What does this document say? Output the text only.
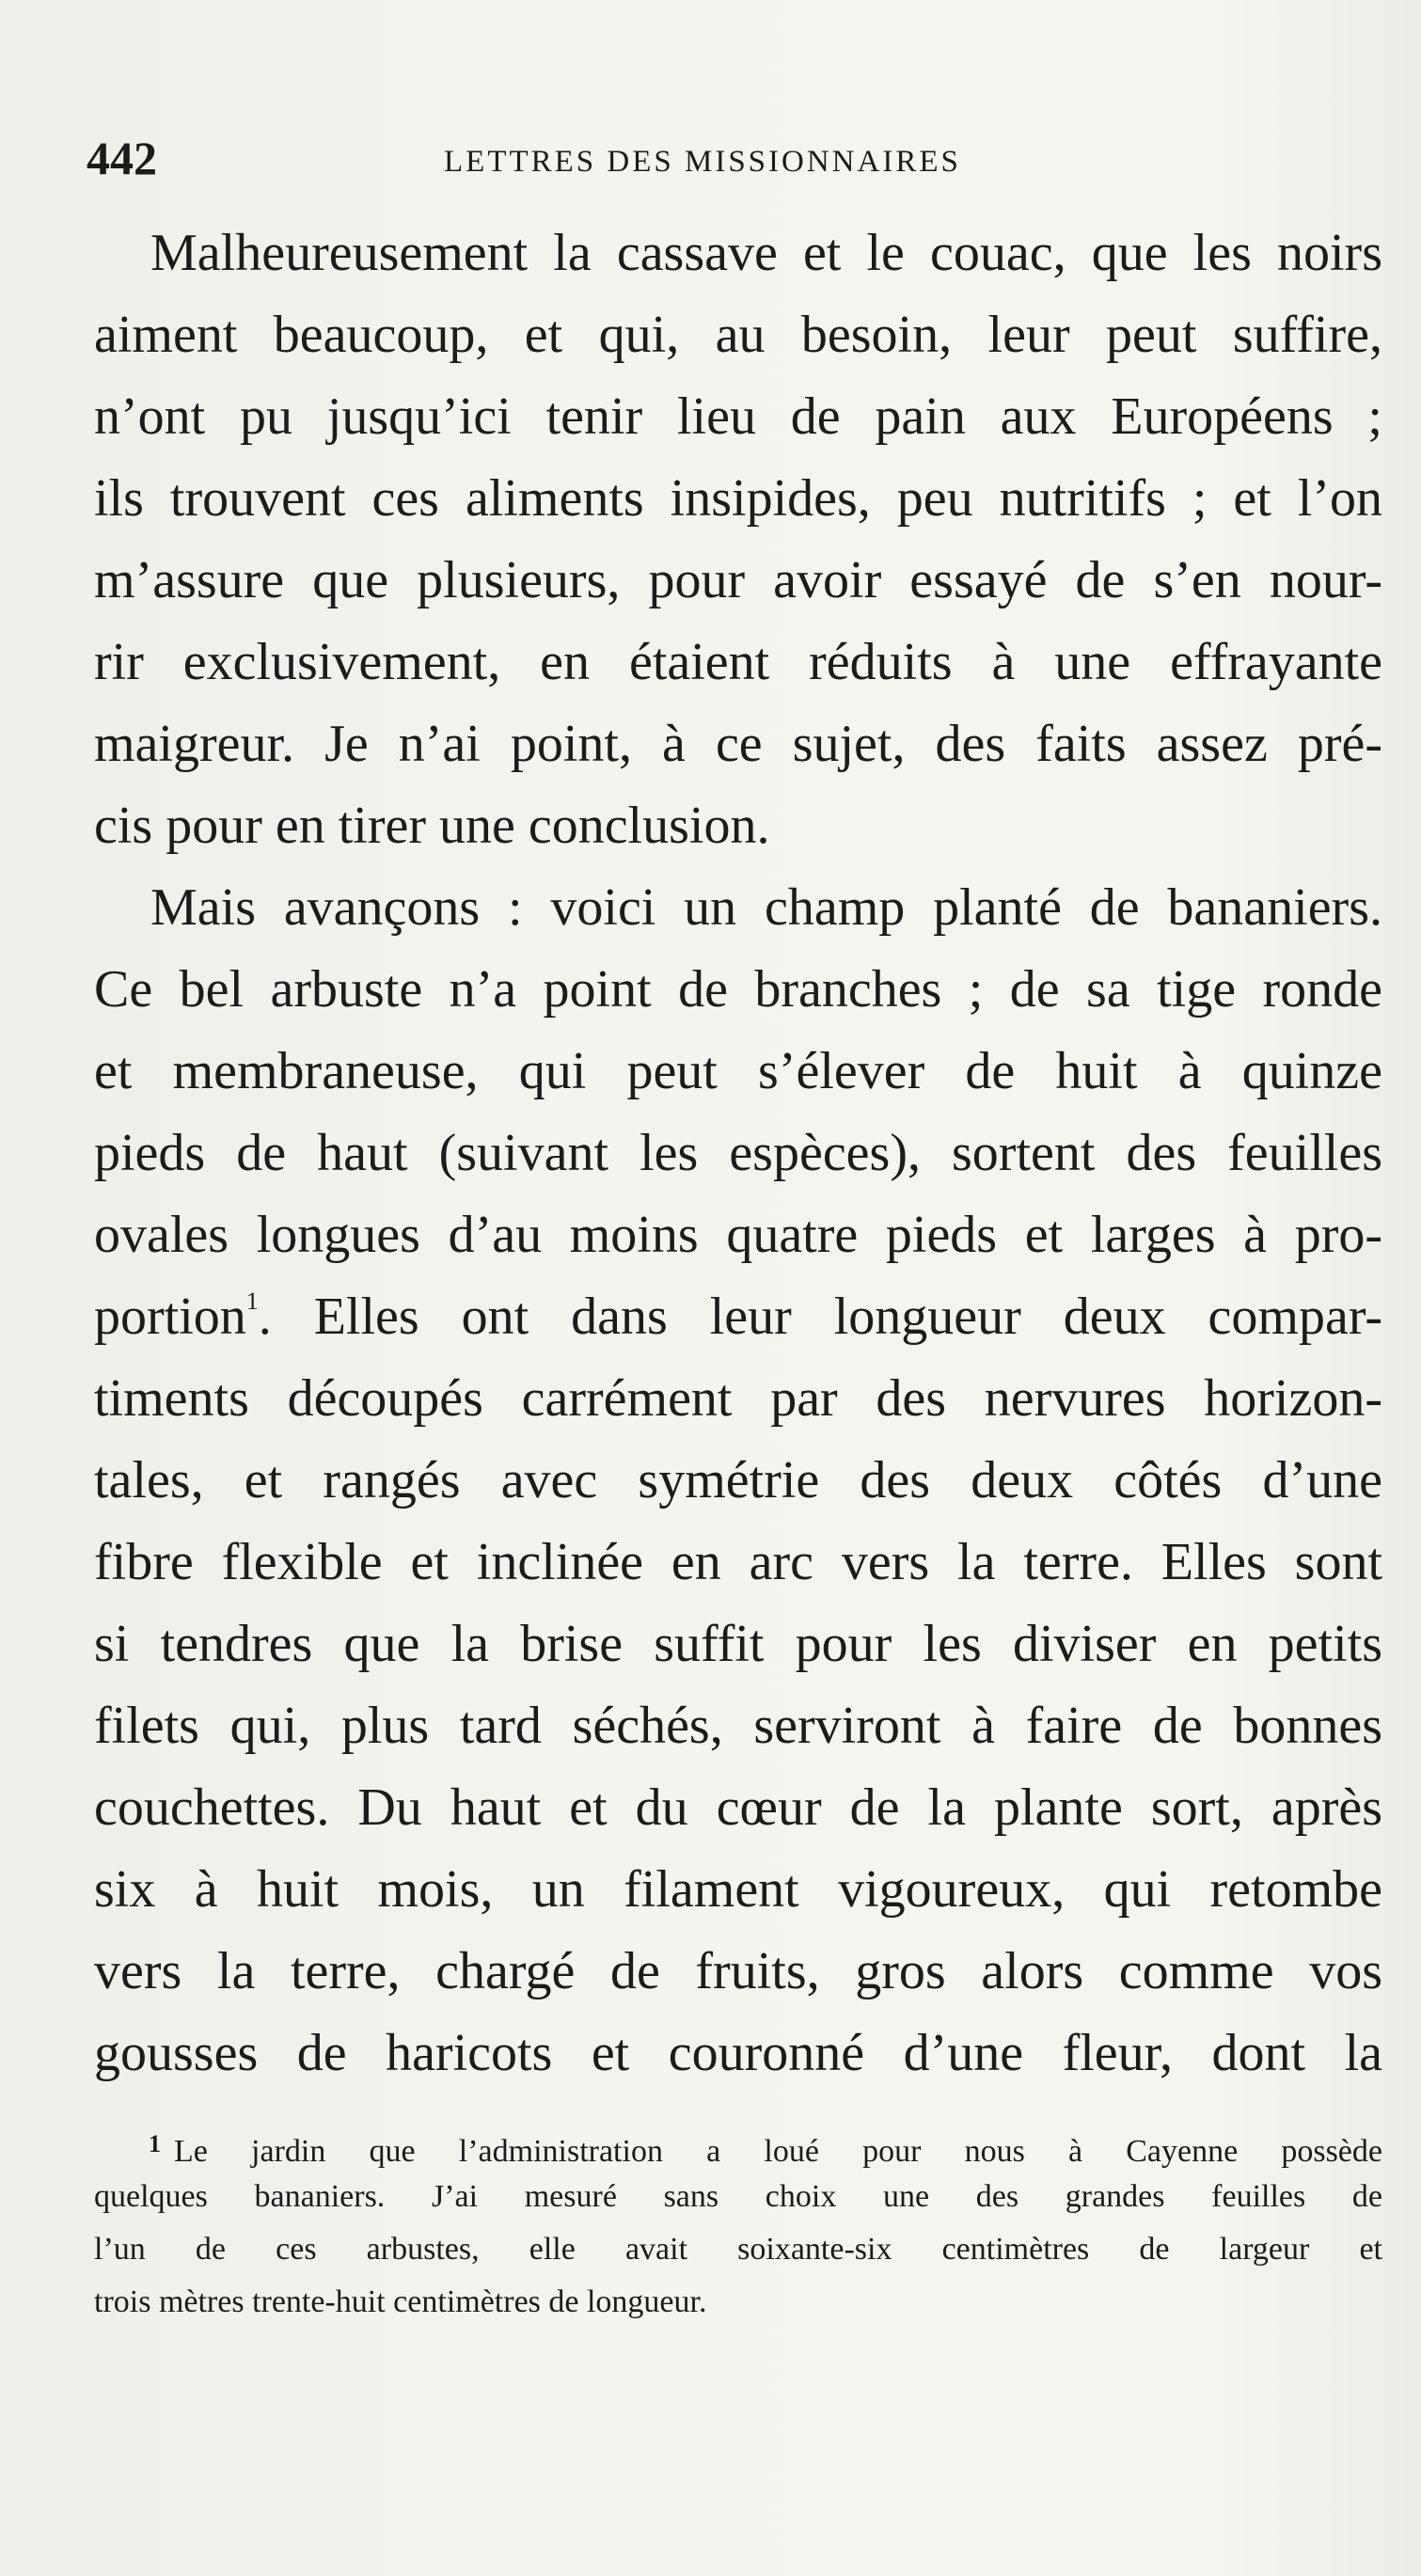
442	LETTRES DES MISSIONNAIRES
Malheureusement la cassave et le couac, que les noirs
aiment beaucoup, et qui, au besoin, leur peut suffire,
n’ont pu jusqu’ici tenir lieu de pain aux Européens ;
ils trouvent ces aliments insipides, peu nutritifs ; et l’on
m’assure que plusieurs, pour avoir essayé de s’en nour-
rir exclusivement, en étaient réduits à une effrayante
maigreur. Je n’ai point, à ce sujet, des faits assez pré-
cis pour en tirer une conclusion.
Mais avançons : voici un champ planté de bananiers.
Ce bel arbuste n’a point de branches ; de sa tige ronde
et membraneuse, qui peut s’élever de huit à quinze
pieds de haut (suivant les espèces), sortent des feuilles
ovales longues d’au moins quatre pieds et larges à pro-
portion$^1$. Elles ont dans leur longueur deux compar-
timents découpés carrément par des nervures horizon-
tales, et rangés avec symétrie des deux côtés d’une
fibre flexible et inclinée en arc vers la terre. Elles sont
si tendres que la brise suffit pour les diviser en petits
filets qui, plus tard séchés, serviront à faire de bonnes
couchettes. Du haut et du cœur de la plante sort, après
six à huit mois, un filament vigoureux, qui retombe
vers la terre, chargé de fruits, gros alors comme vos
gousses de haricots et couronné d’une fleur, dont la
$^1$ Le jardin que l’administration a loué pour nous à Cayenne possède
quelques bananiers. J’ai mesuré sans choix une des grandes feuilles de
l’un de ces arbustes, elle avait soixante-six centimètres de largeur et
trois mètres trente-huit centimètres de longueur.
